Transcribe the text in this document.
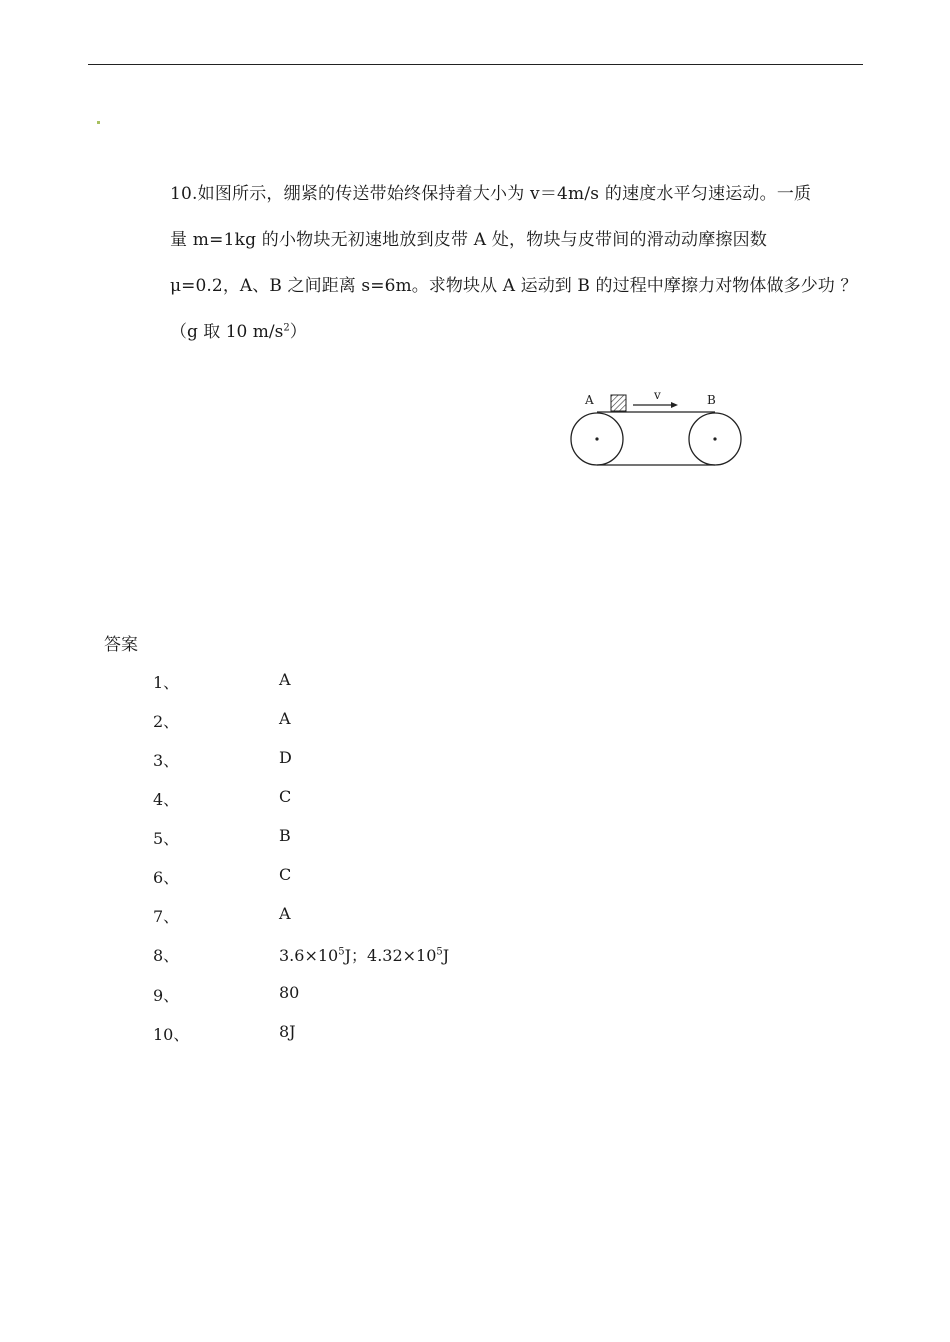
10.如图所示，绷紧的传送带始终保持着大小为 v＝4m/s 的速度水平匀速运动。一质
量 m=1kg 的小物块无初速地放到皮带 A 处，物块与皮带间的滑动动摩擦因数
μ=0.2，A、B 之间距离 s=6m。求物块从 A 运动到 B 的过程中摩擦力对物体做多少功 ？
（g 取 10 $m/s^2$）
A	B
v
答案
1、	A
2、	A
3、	D
4、	C
5、	B
6、	C
7、	A
8、	$3.6\times 10^5J$；$4.32\times 10^5J$
9、	80
10、	8J
